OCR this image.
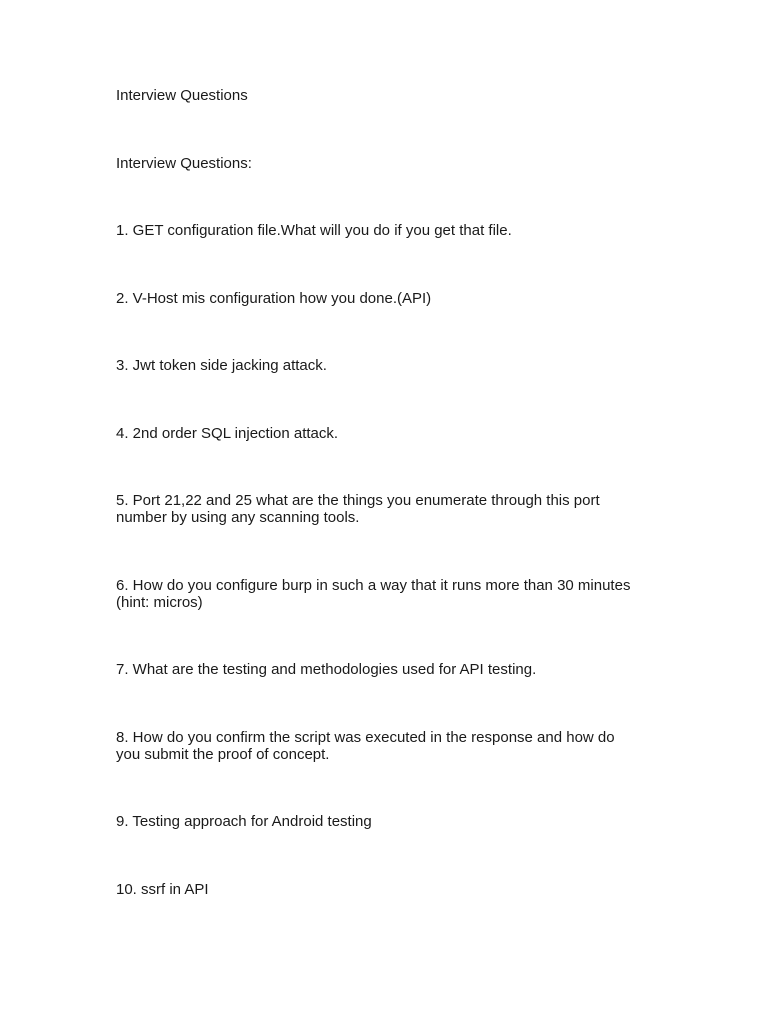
Interview Questions

Interview Questions:

1. GET configuration file.What will you do if you get that file.

2. V-Host mis configuration how you done.(API)

3. Jwt token side jacking attack.

4. 2nd order SQL injection attack.

5. Port 21,22 and 25 what are the things you enumerate through this port
number by using any scanning tools.

6. How do you configure burp in such a way that it runs more than 30 minutes
(hint: micros)

7. What are the testing and methodologies used for API testing.

8. How do you confirm the script was executed in the response and how do
you submit the proof of concept.

9. Testing approach for Android testing

10. ssrf in API
